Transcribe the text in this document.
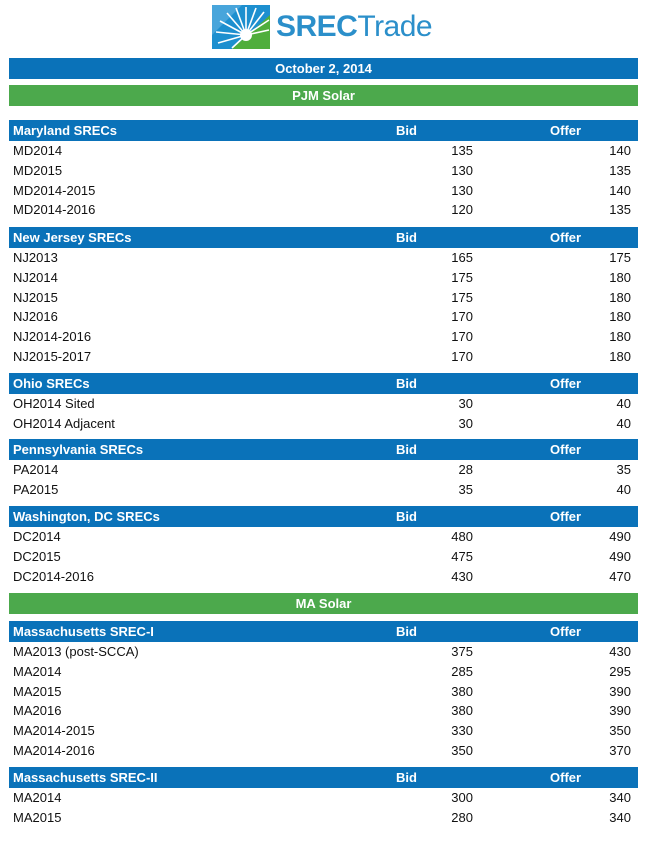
SRECTrade
October 2, 2014
PJM Solar
Maryland SRECs	Bid	Offer
MD2014	135	140
MD2015	130	135
MD2014-2015	130	140
MD2014-2016	120	135
New Jersey SRECs	Bid	Offer
NJ2013	165	175
NJ2014	175	180
NJ2015	175	180
NJ2016	170	180
NJ2014-2016	170	180
NJ2015-2017	170	180
Ohio SRECs	Bid	Offer
OH2014 Sited	30	40
OH2014 Adjacent	30	40
Pennsylvania SRECs	Bid	Offer
PA2014	28	35
PA2015	35	40
Washington, DC SRECs	Bid	Offer
DC2014	480	490
DC2015	475	490
DC2014-2016	430	470
MA Solar
Massachusetts SREC-I	Bid	Offer
MA2013 (post-SCCA)	375	430
MA2014	285	295
MA2015	380	390
MA2016	380	390
MA2014-2015	330	350
MA2014-2016	350	370
Massachusetts SREC-II	Bid	Offer
MA2014	300	340
MA2015	280	340
